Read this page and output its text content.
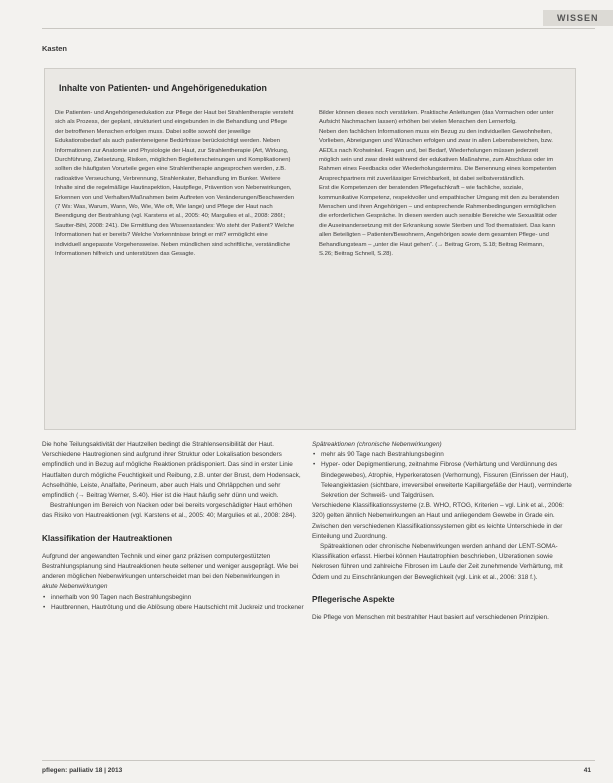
WISSEN
Kasten
Inhalte von Patienten- und Angehörigenedukation

Die Patienten- und Angehörigenedukation zur Pflege der Haut bei Strahlentherapie versteht sich als Prozess, der geplant, strukturiert und eingebunden in die Behandlung und Pflege der betroffenen Menschen erfolgen muss. Dabei sollte sowohl der jeweilige Edukationsbedarf als auch patienteneigene Bedürfnisse berücksichtigt werden. Neben Informationen zur Anatomie und Physiologie der Haut, zur Strahlentherapie (Art, Wirkung, Durchführung, Zielsetzung, Risiken, möglichen Begleiterscheinungen und Komplikationen) sollten die häufigsten Vorurteile gegen eine Strahlentherapie angesprochen werden, z.B. radioaktive Verseuchung, Verbrennung, Strahlenkater, Behandlung im Bunker. Weitere Inhalte sind die regelmäßige Hautinspektion, Hautpflege, Prävention von Nebenwirkungen, Erkennen von und Verhalten/Maßnahmen beim Auftreten von Veränderungen/Beschwerden (7 Ws: Was, Warum, Wann, Wo, Wie, Wie oft, Wie lange) und Pflege der Haut nach Beendigung der Bestrahlung (vgl. Karstens et al., 2005: 40; Margulies et al., 2008: 286f.; Sautter-Bihl, 2008: 241). Die Ermittlung des Wissensstandes: Wo steht der Patient? Welche Informationen hat er bereits? Welche Vorkenntnisse bringt er mit? ermöglicht eine individuell angepasste Vorgehensweise. Neben mündlichen sind schriftliche, verständliche Informationen hilfreich und unterstützen das Gesagte.

Bilder können dieses noch verstärken. Praktische Anleitungen (das Vormachen oder unter Aufsicht Nachmachen lassen) erhöhen bei vielen Menschen den Lernerfolg.

Neben den fachlichen Informationen muss ein Bezug zu den individuellen Gewohnheiten, Vorlieben, Abneigungen und Wünschen erfolgen und zwar in allen Lebensbereichen, bzw. AEDLs nach Krohwinkel. Fragen und, bei Bedarf, Wiederholungen müssen jederzeit möglich sein und zwar direkt während der edukativen Maßnahme, zum Abschluss oder im Rahmen eines Feedbacks oder Wiederholungstermins. Die Benennung eines kompetenten Ansprechpartners mit zuverlässiger Erreichbarkeit, ist dabei selbstverständlich.

Erst die Kompetenzen der beratenden Pflegefachkraft – wie fachliche, soziale, kommunikative Kompetenz, respektvoller und empathischer Umgang mit den zu beratenden Menschen und ihren Angehörigen – und entsprechende Rahmenbedingungen ermöglichen die erforderlichen Gespräche. In diesen werden auch sensible Bereiche wie Sexualität oder die Auseinandersetzung mit der Erkrankung sowie Sterben und Tod thematisiert. Das kann allen Beteiligten – Patienten/Bewohnern, Angehörigen sowie dem gesamten Pflege- und Behandlungsteam – „unter die Haut gehen“. (→ Beitrag Grom, S.18; Beitrag Reimann, S.26; Beitrag Schnell, S.28).

Die hohe Teilungsaktivität der Hautzellen bedingt die Strahlensensibilität der Haut. Verschiedene Hautregionen sind aufgrund ihrer Struktur oder Lokalisation besonders empfindlich und in Bezug auf mögliche Reaktionen prädisponiert. Das sind in erster Linie Hautfalten durch mögliche Feuchtigkeit und Reibung, z.B. unter der Brust, dem Hodensack, Achselhöhle, Leiste, Analfalte, Perineum, aber auch Hals und Ohrläppchen und sehr empfindlich (→ Beitrag Werner, S.40). Hier ist die Haut häufig sehr dünn und weich.

Bestrahlungen im Bereich von Nacken oder bei bereits vorgeschädigter Haut erhöhen das Risiko von Hautreaktionen (vgl. Karstens et al., 2005: 40; Margulies et al., 2008: 284).

Klassifikation der Hautreaktionen

Aufgrund der angewandten Technik und einer ganz präzisen computergestützten Bestrahlungsplanung sind Hautreaktionen heute seltener und weniger ausgeprägt. Wie bei anderen möglichen Nebenwirkungen unterscheidet man bei den Nebenwirkungen in

akute Nebenwirkungen

• innerhalb von 90 Tagen nach Bestrahlungsbeginn
• Hautbrennen, Hautrötung und die Ablösung obere Hautschicht mit Juckreiz und trockener

Spätreaktionen (chronische Nebenwirkungen)

• mehr als 90 Tage nach Bestrahlungsbeginn
• Hyper- oder Depigmentierung, zeitnahme Fibrose (Verhärtung und Verdünnung des Bindegewebes), Atrophie, Hyperkeratosen (Verhornung), Fissuren (Einrissen der Haut), Teleangiektasien (sichtbare, irreversibel erweiterte Kapillargefäße der Haut), verminderte Sekretion der Schweiß- und Talgdrüsen.

Verschiedene Klassifikationssysteme (z.B. WHO, RTOG, Kriterien – vgl. Link et al., 2006: 320) gelten ähnlich Nebenwirkungen an Haut und anliegendem Gewebe in Grade ein. Zwischen den verschiedenen Klassifikationssystemen gibt es leichte Unterschiede in der Einteilung und Zuordnung.

Spätreaktionen oder chronische Nebenwirkungen werden anhand der LENT-SOMA-Klassifikation erfasst. Hierbei können Hautatrophien beschrieben, Ulzerationen sowie Nekrosen führen und zahlreiche Fibrosen im Laufe der Zeit zunehmende Verhärtung, mit Ödem und zu Einschränkungen der Beweglichkeit (vgl. Link et al., 2006: 318 f.).

Pflegerische Aspekte

Die Pflege von Menschen mit bestrahlter Haut basiert auf verschiedenen Prinzipien.

pflegen: palliativ 18 | 2013	41
